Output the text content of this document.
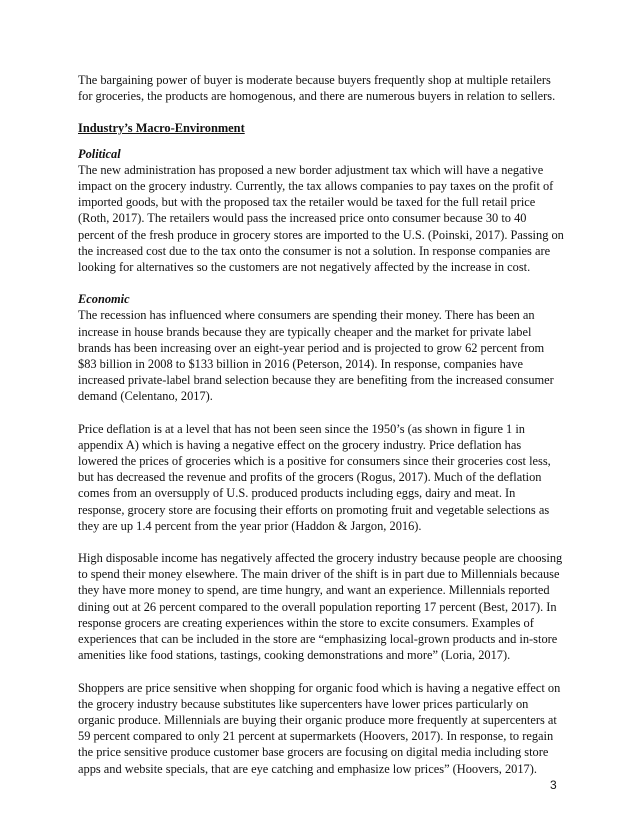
The bargaining power of buyer is moderate because buyers frequently shop at multiple retailers for groceries, the products are homogenous, and there are numerous buyers in relation to sellers.

Industry’s Macro-Environment
Political

The new administration has proposed a new border adjustment tax which will have a negative impact on the grocery industry. Currently, the tax allows companies to pay taxes on the profit of imported goods, but with the proposed tax the retailer would be taxed for the full retail price (Roth, 2017). The retailers would pass the increased price onto consumer because 30 to 40 percent of the fresh produce in grocery stores are imported to the U.S. (Poinski, 2017). Passing on the increased cost due to the tax onto the consumer is not a solution. In response companies are looking for alternatives so the customers are not negatively affected by the increase in cost.

Economic

The recession has influenced where consumers are spending their money. There has been an increase in house brands because they are typically cheaper and the market for private label brands has been increasing over an eight-year period and is projected to grow 62 percent from $83 billion in 2008 to $133 billion in 2016 (Peterson, 2014). In response, companies have increased private-label brand selection because they are benefiting from the increased consumer demand (Celentano, 2017).

Price deflation is at a level that has not been seen since the 1950’s (as shown in figure 1 in appendix A) which is having a negative effect on the grocery industry. Price deflation has lowered the prices of groceries which is a positive for consumers since their groceries cost less, but has decreased the revenue and profits of the grocers (Rogus, 2017). Much of the deflation comes from an oversupply of U.S. produced products including eggs, dairy and meat. In response, grocery store are focusing their efforts on promoting fruit and vegetable selections as they are up 1.4 percent from the year prior (Haddon & Jargon, 2016).

High disposable income has negatively affected the grocery industry because people are choosing to spend their money elsewhere. The main driver of the shift is in part due to Millennials because they have more money to spend, are time hungry, and want an experience. Millennials reported dining out at 26 percent compared to the overall population reporting 17 percent (Best, 2017). In response grocers are creating experiences within the store to excite consumers. Examples of experiences that can be included in the store are “emphasizing local-grown products and in-store amenities like food stations, tastings, cooking demonstrations and more” (Loria, 2017).

Shoppers are price sensitive when shopping for organic food which is having a negative effect on the grocery industry because substitutes like supercenters have lower prices particularly on organic produce. Millennials are buying their organic produce more frequently at supercenters at 59 percent compared to only 21 percent at supermarkets (Hoovers, 2017). In response, to regain the price sensitive produce customer base grocers are focusing on digital media including store apps and website specials, that are eye catching and emphasize low prices” (Hoovers, 2017).

3
